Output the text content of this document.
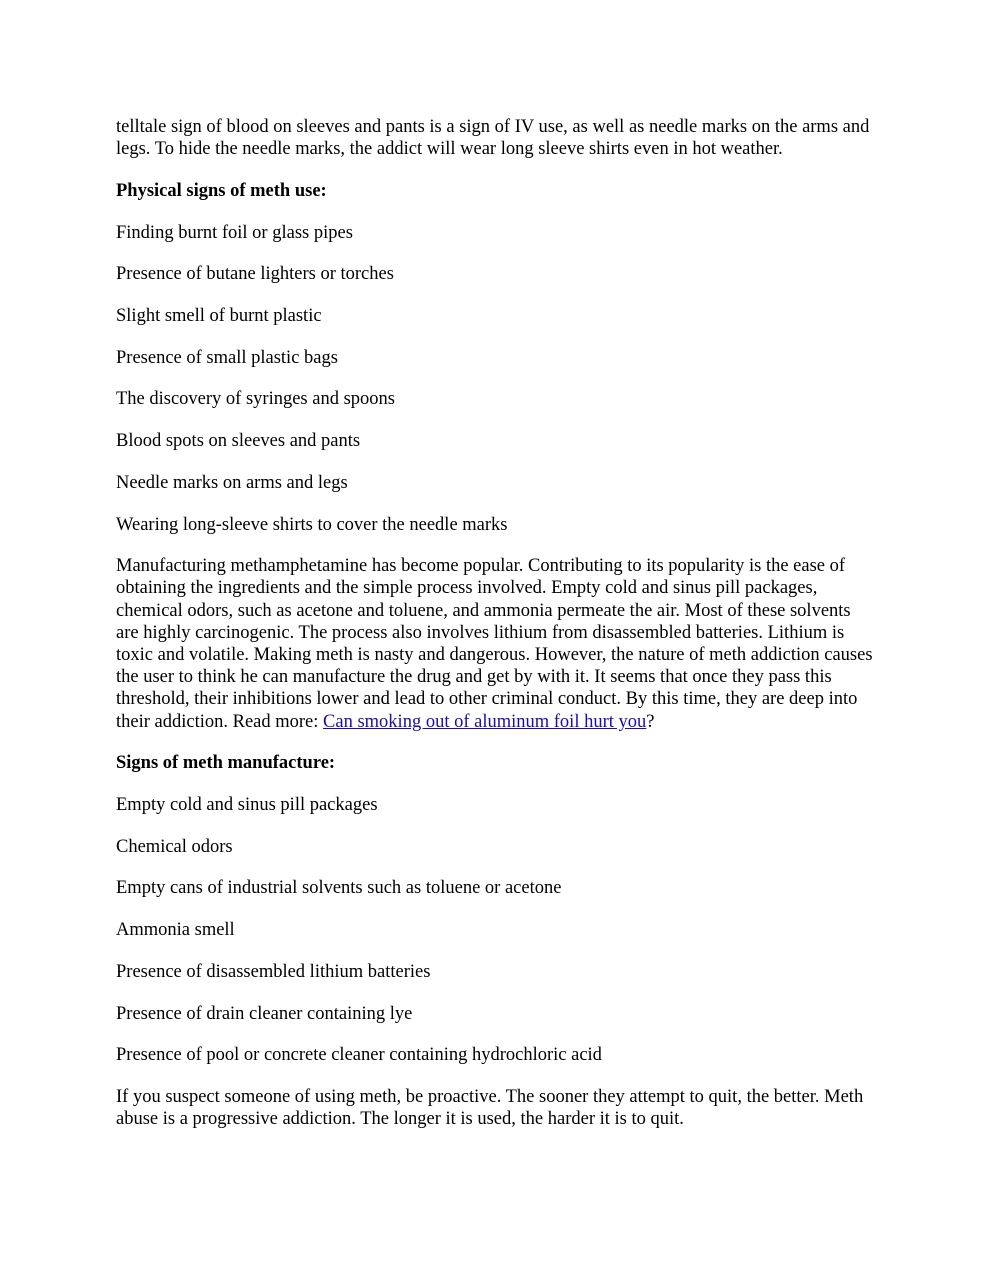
telltale sign of blood on sleeves and pants is a sign of IV use, as well as needle marks on the arms and legs. To hide the needle marks, the addict will wear long sleeve shirts even in hot weather.

Physical signs of meth use:

Finding burnt foil or glass pipes

Presence of butane lighters or torches

Slight smell of burnt plastic

Presence of small plastic bags

The discovery of syringes and spoons

Blood spots on sleeves and pants

Needle marks on arms and legs

Wearing long-sleeve shirts to cover the needle marks

Manufacturing methamphetamine has become popular. Contributing to its popularity is the ease of obtaining the ingredients and the simple process involved. Empty cold and sinus pill packages, chemical odors, such as acetone and toluene, and ammonia permeate the air. Most of these solvents are highly carcinogenic. The process also involves lithium from disassembled batteries. Lithium is toxic and volatile. Making meth is nasty and dangerous. However, the nature of meth addiction causes the user to think he can manufacture the drug and get by with it. It seems that once they pass this threshold, their inhibitions lower and lead to other criminal conduct. By this time, they are deep into their addiction. Read more: Can smoking out of aluminum foil hurt you?

Signs of meth manufacture:

Empty cold and sinus pill packages

Chemical odors

Empty cans of industrial solvents such as toluene or acetone

Ammonia smell

Presence of disassembled lithium batteries

Presence of drain cleaner containing lye

Presence of pool or concrete cleaner containing hydrochloric acid

If you suspect someone of using meth, be proactive. The sooner they attempt to quit, the better. Meth abuse is a progressive addiction. The longer it is used, the harder it is to quit.
